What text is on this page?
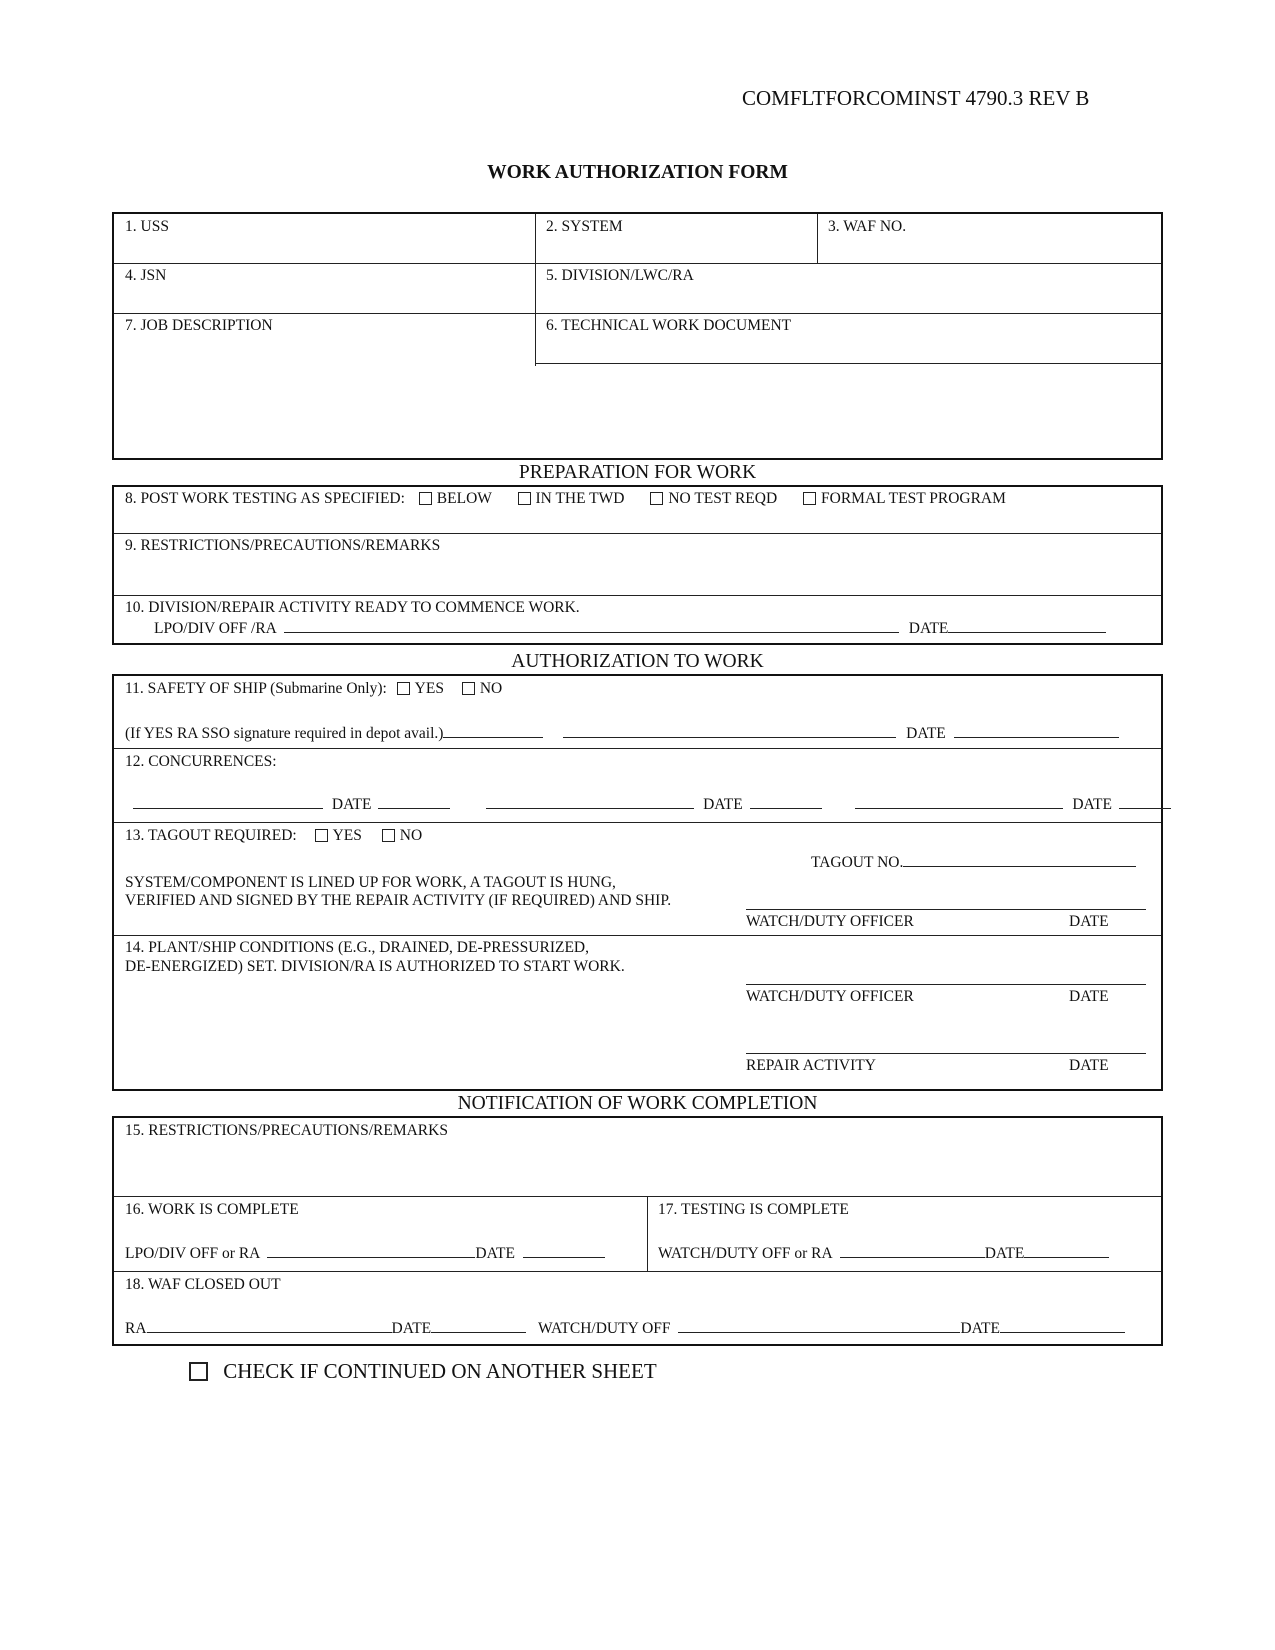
COMFLTFORCOMINST 4790.3 REV B
WORK AUTHORIZATION FORM
1. USS	2. SYSTEM	3. WAF NO.
4. JSN	5. DIVISION/LWC/RA
7. JOB DESCRIPTION	6. TECHNICAL WORK DOCUMENT
PREPARATION FOR WORK
8. POST WORK TESTING AS SPECIFIED: BELOW	IN THE TWD	NO TEST REQD	FORMAL TEST PROGRAM
9. RESTRICTIONS/PRECAUTIONS/REMARKS
10. DIVISION/REPAIR ACTIVITY READY TO COMMENCE WORK.
LPO/DIV OFF /RA	DATE
AUTHORIZATION TO WORK
11. SAFETY OF SHIP (Submarine Only): YES NO
(If YES RA SSO signature required in depot avail.)	DATE
12. CONCURRENCES:
DATE	DATE	DATE
13. TAGOUT REQUIRED: YES NO
TAGOUT NO.
SYSTEM/COMPONENT IS LINED UP FOR WORK, A TAGOUT IS HUNG,
VERIFIED AND SIGNED BY THE REPAIR ACTIVITY (IF REQUIRED) AND SHIP.
WATCH/DUTY OFFICER	DATE
14. PLANT/SHIP CONDITIONS (E.G., DRAINED, DE-PRESSURIZED,
DE-ENERGIZED) SET. DIVISION/RA IS AUTHORIZED TO START WORK.
WATCH/DUTY OFFICER	DATE
REPAIR ACTIVITY	DATE
NOTIFICATION OF WORK COMPLETION
15. RESTRICTIONS/PRECAUTIONS/REMARKS
16. WORK IS COMPLETE
LPO/DIV OFF or RA	DATE
17. TESTING IS COMPLETE
WATCH/DUTY OFF or RA	DATE
18. WAF CLOSED OUT
RA	DATE	WATCH/DUTY OFF	DATE
CHECK IF CONTINUED ON ANOTHER SHEET
